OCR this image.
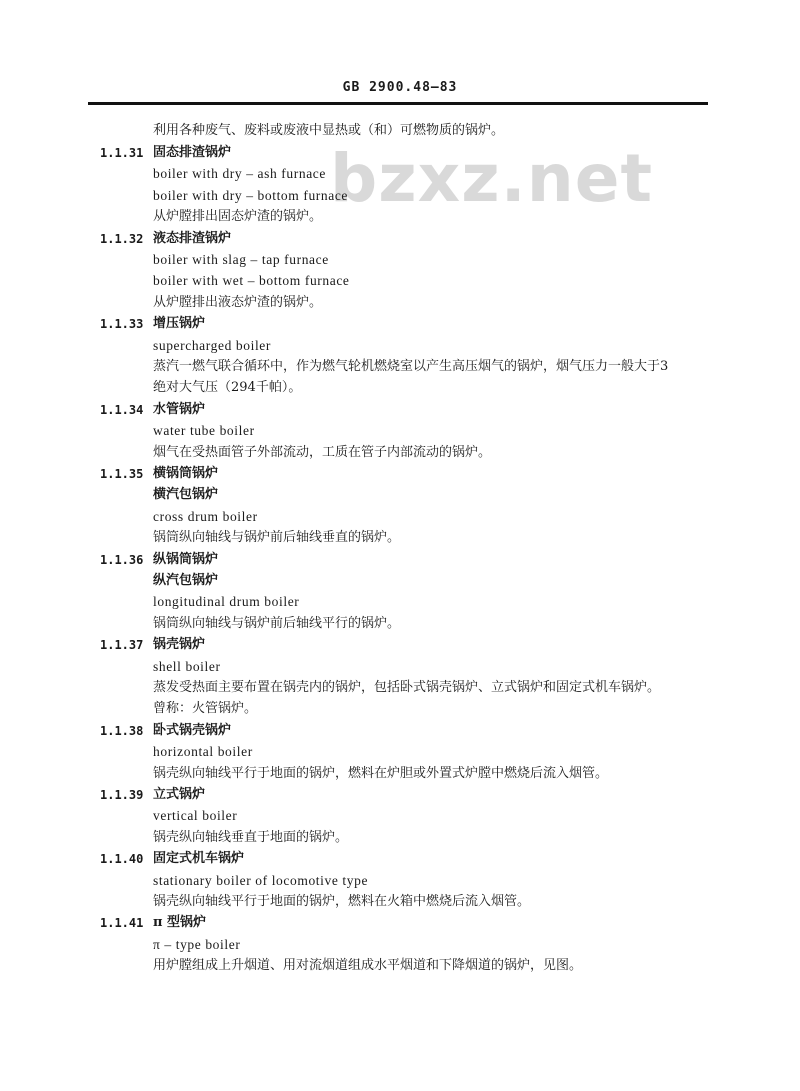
GB 2900.48—83
bzxz.net
利用各种废气、废料或废液中显热或（和）可燃物质的锅炉。
1.1.31 固态排渣锅炉
boiler with dry – ash furnace
boiler with dry – bottom furnace
从炉膛排出固态炉渣的锅炉。
1.1.32 液态排渣锅炉
boiler with slag – tap furnace
boiler with wet – bottom furnace
从炉膛排出液态炉渣的锅炉。
1.1.33 增压锅炉
supercharged boiler
蒸汽一燃气联合循环中，作为燃气轮机燃烧室以产生高压烟气的锅炉，烟气压力一般大于3
绝对大气压（294千帕）。
1.1.34 水管锅炉
water tube boiler
烟气在受热面管子外部流动，工质在管子内部流动的锅炉。
1.1.35 横锅筒锅炉
横汽包锅炉
cross drum boiler
锅筒纵向轴线与锅炉前后轴线垂直的锅炉。
1.1.36 纵锅筒锅炉
纵汽包锅炉
longitudinal drum boiler
锅筒纵向轴线与锅炉前后轴线平行的锅炉。
1.1.37 锅壳锅炉
shell boiler
蒸发受热面主要布置在锅壳内的锅炉，包括卧式锅壳锅炉、立式锅炉和固定式机车锅炉。
曾称：火管锅炉。
1.1.38 卧式锅壳锅炉
horizontal boiler
锅壳纵向轴线平行于地面的锅炉，燃料在炉胆或外置式炉膛中燃烧后流入烟管。
1.1.39 立式锅炉
vertical boiler
锅壳纵向轴线垂直于地面的锅炉。
1.1.40 固定式机车锅炉
stationary boiler of locomotive type
锅壳纵向轴线平行于地面的锅炉，燃料在火箱中燃烧后流入烟管。
1.1.41 π 型锅炉
π – type boiler
用炉膛组成上升烟道、用对流烟道组成水平烟道和下降烟道的锅炉，见图。
